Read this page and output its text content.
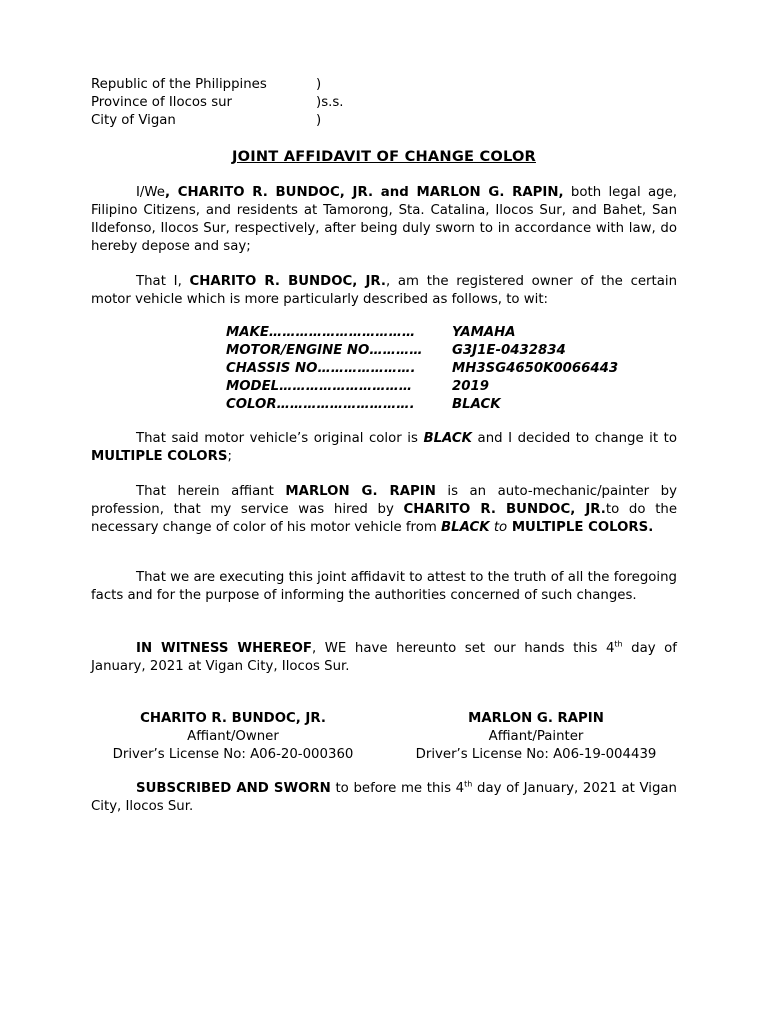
Republic of the Philippines	)
Province of Ilocos sur	)s.s.
City of Vigan	)
JOINT AFFIDAVIT OF CHANGE COLOR
I/We, CHARITO R. BUNDOC, JR. and MARLON G. RAPIN, both legal age, Filipino Citizens, and residents at Tamorong, Sta. Catalina, Ilocos Sur, and Bahet, San Ildefonso, Ilocos Sur, respectively, after being duly sworn to in accordance with law, do hereby depose and say;
That I, CHARITO R. BUNDOC, JR., am the registered owner of the certain motor vehicle which is more particularly described as follows, to wit:
MAKE……………………………	YAMAHA
MOTOR/ENGINE NO…………	G3J1E-0432834
CHASSIS NO………………….	MH3SG4650K0066443
MODEL…………………………	2019
COLOR………………………….	BLACK
That said motor vehicle’s original color is BLACK and I decided to change it to MULTIPLE COLORS;
That herein affiant MARLON G. RAPIN is an auto-mechanic/painter by profession, that my service was hired by CHARITO R. BUNDOC, JR.to do the necessary change of color of his motor vehicle from BLACK to MULTIPLE COLORS.
That we are executing this joint affidavit to attest to the truth of all the foregoing facts and for the purpose of informing the authorities concerned of such changes.
IN WITNESS WHEREOF, WE have hereunto set our hands this 4th day of January, 2021 at Vigan City, Ilocos Sur.
CHARITO R. BUNDOC, JR.
Affiant/Owner
Driver’s License No: A06-20-000360
MARLON G. RAPIN
Affiant/Painter
Driver’s License No: A06-19-004439
SUBSCRIBED AND SWORN to before me this 4th day of January, 2021 at Vigan City, Ilocos Sur.
